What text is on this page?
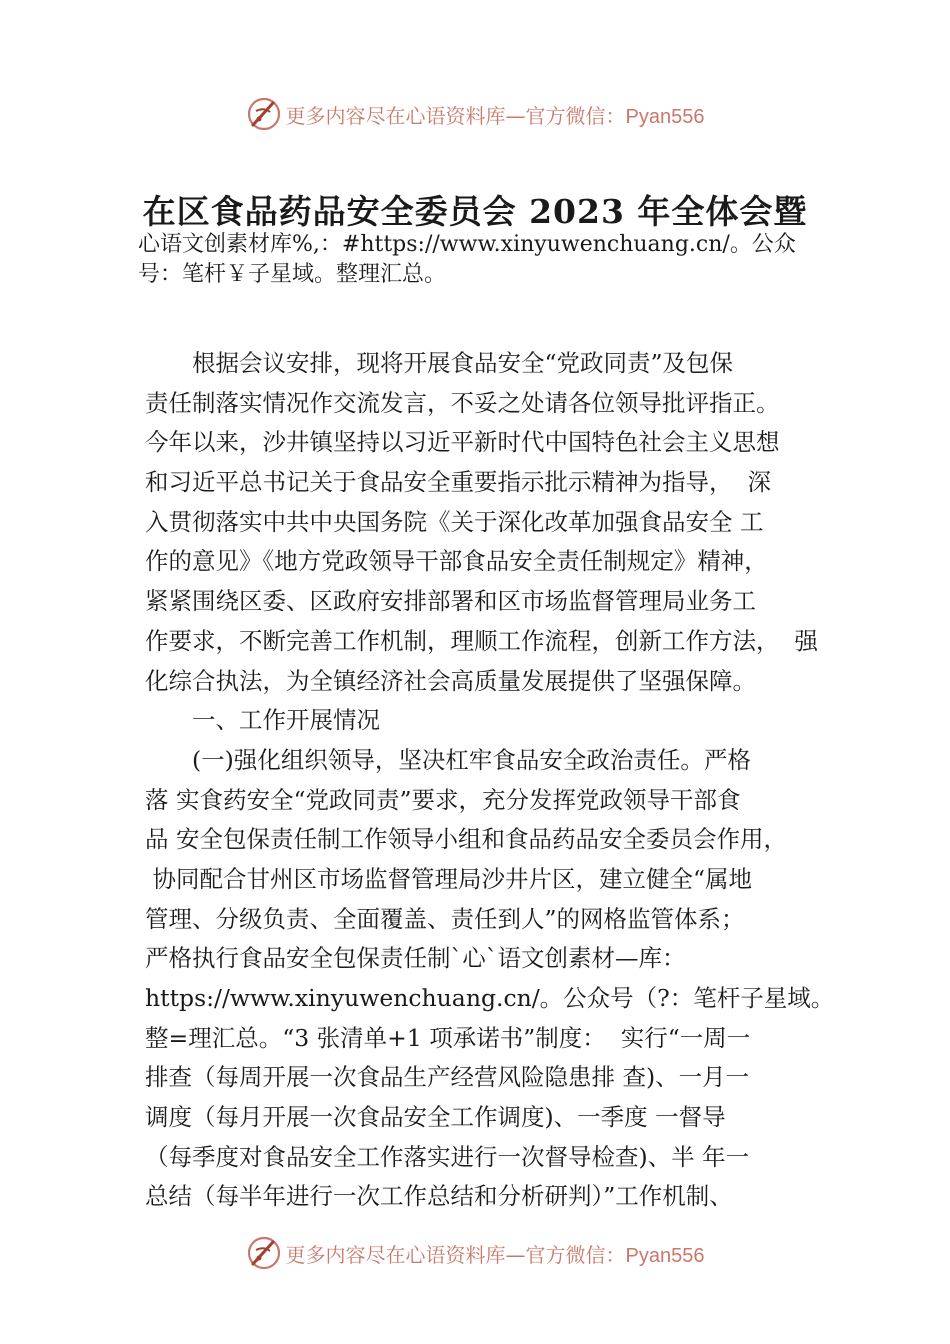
更多内容尽在心语资料库—官方微信：Pyan556
在区食品药品安全委员会 2023 年全体会暨
心语文创素材库%,：#https://www.xinyuwenchuang.cn/。公众
号：笔杆￥子星域。整理汇总。
　　根据会议安排，现将开展食品安全“党政同责”及包保
责任制落实情况作交流发言，不妥之处请各位领导批评指正。
今年以来，沙井镇坚持以习近平新时代中国特色社会主义思想
和习近平总书记关于食品安全重要指示批示精神为指导，  深
入贯彻落实中共中央国务院《关于深化改革加强食品安全 工
作的意见》《地方党政领导干部食品安全责任制规定》精神，
紧紧围绕区委、区政府安排部署和区市场监督管理局业务工
作要求，不断完善工作机制，理顺工作流程，创新工作方法，  强
化综合执法，为全镇经济社会高质量发展提供了坚强保障。
　　一、工作开展情况
　　(一)强化组织领导，坚决杠牢食品安全政治责任。严格
落 实食药安全“党政同责”要求，充分发挥党政领导干部食
品 安全包保责任制工作领导小组和食品药品安全委员会作用，
协同配合甘州区市场监督管理局沙井片区，建立健全“属地
管理、分级负责、全面覆盖、责任到人”的网格监管体系；
严格执行食品安全包保责任制`心`语文创素材—库：
https://www.xinyuwenchuang.cn/。公众号（?：笔杆子星域。
整=理汇总。“3 张清单+1 项承诺书”制度：  实行“一周一
排查（每周开展一次食品生产经营风险隐患排 查)、一月一
调度（每月开展一次食品安全工作调度)、一季度 一督导
（每季度对食品安全工作落实进行一次督导检查)、半 年一
总结（每半年进行一次工作总结和分析研判）”工作机制、
更多内容尽在心语资料库—官方微信：Pyan556
